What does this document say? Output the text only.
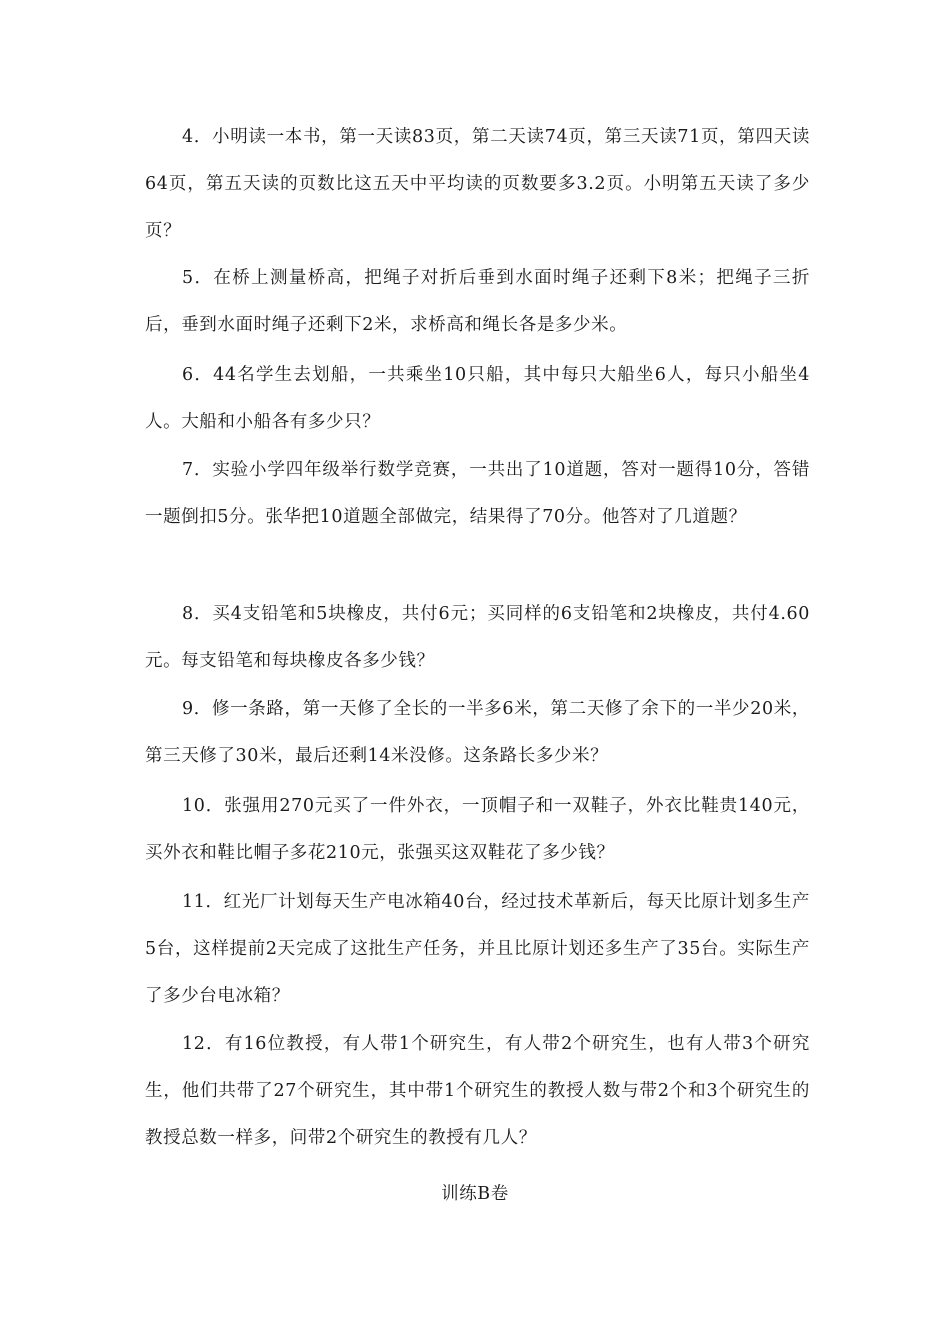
4．小明读一本书，第一天读83页，第二天读74页，第三天读71页，第四天读64页，第五天读的页数比这五天中平均读的页数要多3.2页。小明第五天读了多少页？

5．在桥上测量桥高，把绳子对折后垂到水面时绳子还剩下8米；把绳子三折后，垂到水面时绳子还剩下2米，求桥高和绳长各是多少米。

6．44名学生去划船，一共乘坐10只船，其中每只大船坐6人，每只小船坐4人。大船和小船各有多少只？

7．实验小学四年级举行数学竞赛，一共出了10道题，答对一题得10分，答错一题倒扣5分。张华把10道题全部做完，结果得了70分。他答对了几道题？

8．买4支铅笔和5块橡皮，共付6元；买同样的6支铅笔和2块橡皮，共付4.60元。每支铅笔和每块橡皮各多少钱？

9．修一条路，第一天修了全长的一半多6米，第二天修了余下的一半少20米，第三天修了30米，最后还剩14米没修。这条路长多少米？

10．张强用270元买了一件外衣，一顶帽子和一双鞋子，外衣比鞋贵140元，买外衣和鞋比帽子多花210元，张强买这双鞋花了多少钱？

11．红光厂计划每天生产电冰箱40台，经过技术革新后，每天比原计划多生产5台，这样提前2天完成了这批生产任务，并且比原计划还多生产了35台。实际生产了多少台电冰箱？

12．有16位教授，有人带1个研究生，有人带2个研究生，也有人带3个研究生，他们共带了27个研究生，其中带1个研究生的教授人数与带2个和3个研究生的教授总数一样多，问带2个研究生的教授有几人？

训练B卷
